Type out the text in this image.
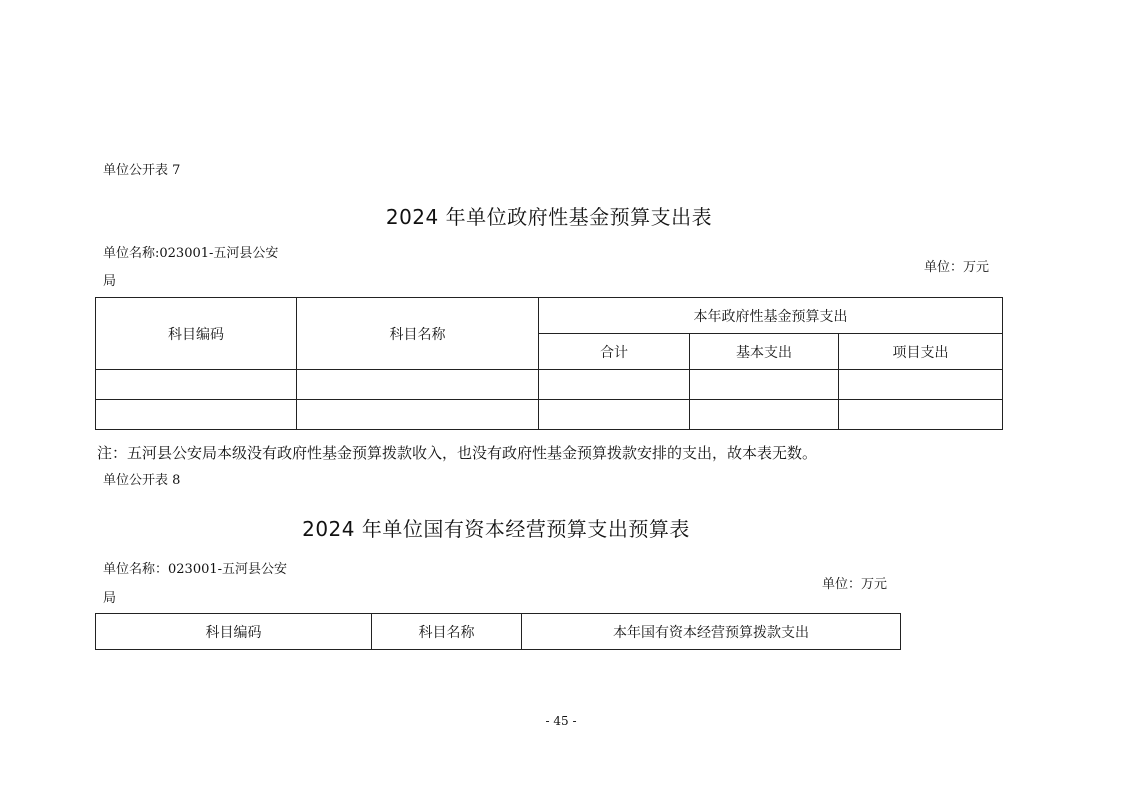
单位公开表 7
2024 年单位政府性基金预算支出表
单位名称:023001-五河县公安
局
单位：万元
科目编码	科目名称	本年政府性基金预算支出		
		合计	基本支出	项目支出

注：五河县公安局本级没有政府性基金预算拨款收入，也没有政府性基金预算拨款安排的支出，故本表无数。
单位公开表 8
2024 年单位国有资本经营预算支出预算表
单位名称：023001-五河县公安
局
单位：万元
科目编码	科目名称	本年国有资本经营预算拨款支出
- 45 -
